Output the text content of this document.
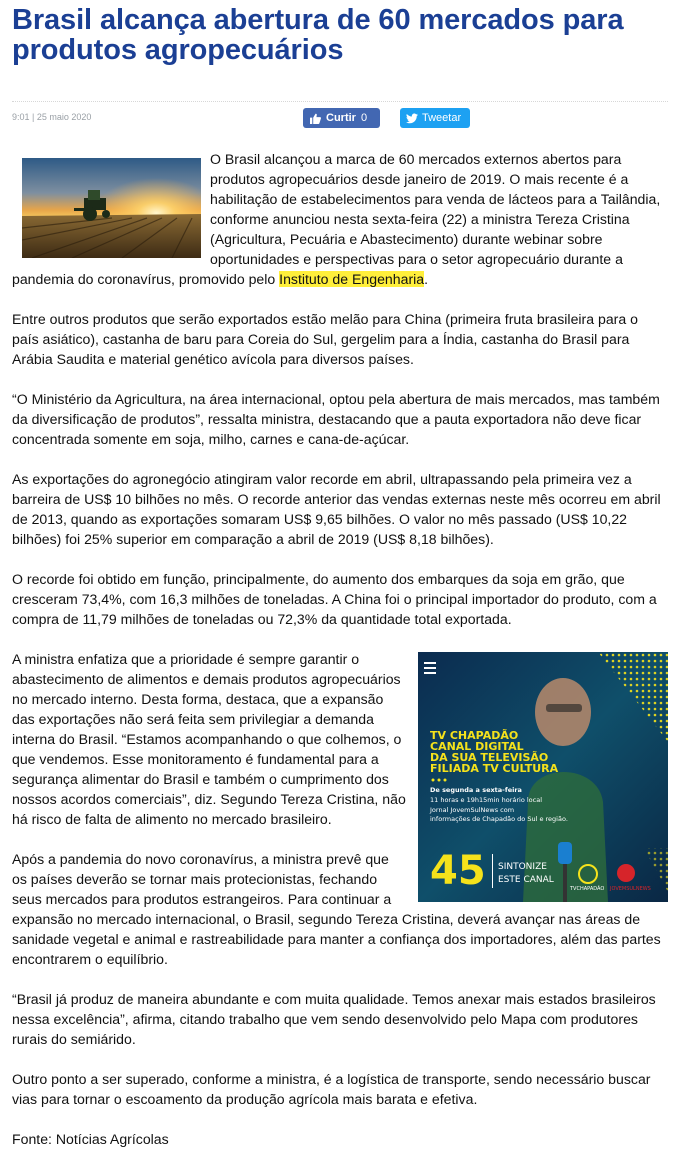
Brasil alcança abertura de 60 mercados para produtos agropecuários
9:01 | 25 maio 2020	Curtir 0	Tweetar

O Brasil alcançou a marca de 60 mercados externos abertos para produtos agropecuários desde janeiro de 2019. O mais recente é a habilitação de estabelecimentos para venda de lácteos para a Tailândia, conforme anunciou nesta sexta-feira (22) a ministra Tereza Cristina (Agricultura, Pecuária e Abastecimento) durante webinar sobre oportunidades e perspectivas para o setor agropecuário durante a pandemia do coronavírus, promovido pelo Instituto de Engenharia.

Entre outros produtos que serão exportados estão melão para China (primeira fruta brasileira para o país asiático), castanha de baru para Coreia do Sul, gergelim para a Índia, castanha do Brasil para Arábia Saudita e material genético avícola para diversos países.

“O Ministério da Agricultura, na área internacional, optou pela abertura de mais mercados, mas também da diversificação de produtos”, ressalta ministra, destacando que a pauta exportadora não deve ficar concentrada somente em soja, milho, carnes e cana-de-açúcar.

As exportações do agronegócio atingiram valor recorde em abril, ultrapassando pela primeira vez a barreira de US$ 10 bilhões no mês. O recorde anterior das vendas externas neste mês ocorreu em abril de 2013, quando as exportações somaram US$ 9,65 bilhões. O valor no mês passado (US$ 10,22 bilhões) foi 25% superior em comparação a abril de 2019 (US$ 8,18 bilhões).

O recorde foi obtido em função, principalmente, do aumento dos embarques da soja em grão, que cresceram 73,4%, com 16,3 milhões de toneladas. A China foi o principal importador do produto, com a compra de 11,79 milhões de toneladas ou 72,3% da quantidade total exportada.

TV CHAPADÃO
CANAL DIGITAL
DA SUA TELEVISÃO
FILIADA TV CULTURA
De segunda a sexta-feira
11 horas e 19h15min horário local
Jornal JovemSulNews com
informações de Chapadão do Sul e região.
45 SINTONIZE
ESTE CANAL
TVCHAPADÃO JOVEMSULNEWS

A ministra enfatiza que a prioridade é sempre garantir o abastecimento de alimentos e demais produtos agropecuários no mercado interno. Desta forma, destaca, que a expansão das exportações não será feita sem privilegiar a demanda interna do Brasil. “Estamos acompanhando o que colhemos, o que vendemos. Esse monitoramento é fundamental para a segurança alimentar do Brasil e também o cumprimento dos nossos acordos comerciais”, diz. Segundo Tereza Cristina, não há risco de falta de alimento no mercado brasileiro.

Após a pandemia do novo coronavírus, a ministra prevê que os países deverão se tornar mais protecionistas, fechando seus mercados para produtos estrangeiros. Para continuar a expansão no mercado internacional, o Brasil, segundo Tereza Cristina, deverá avançar nas áreas de sanidade vegetal e animal e rastreabilidade para manter a confiança dos importadores, além das partes encontrarem o equilíbrio.

“Brasil já produz de maneira abundante e com muita qualidade. Temos anexar mais estados brasileiros nessa excelência”, afirma, citando trabalho que vem sendo desenvolvido pelo Mapa com produtores rurais do semiárido.

Outro ponto a ser superado, conforme a ministra, é a logística de transporte, sendo necessário buscar vias para tornar o escoamento da produção agrícola mais barata e efetiva.

Fonte: Notícias Agrícolas
